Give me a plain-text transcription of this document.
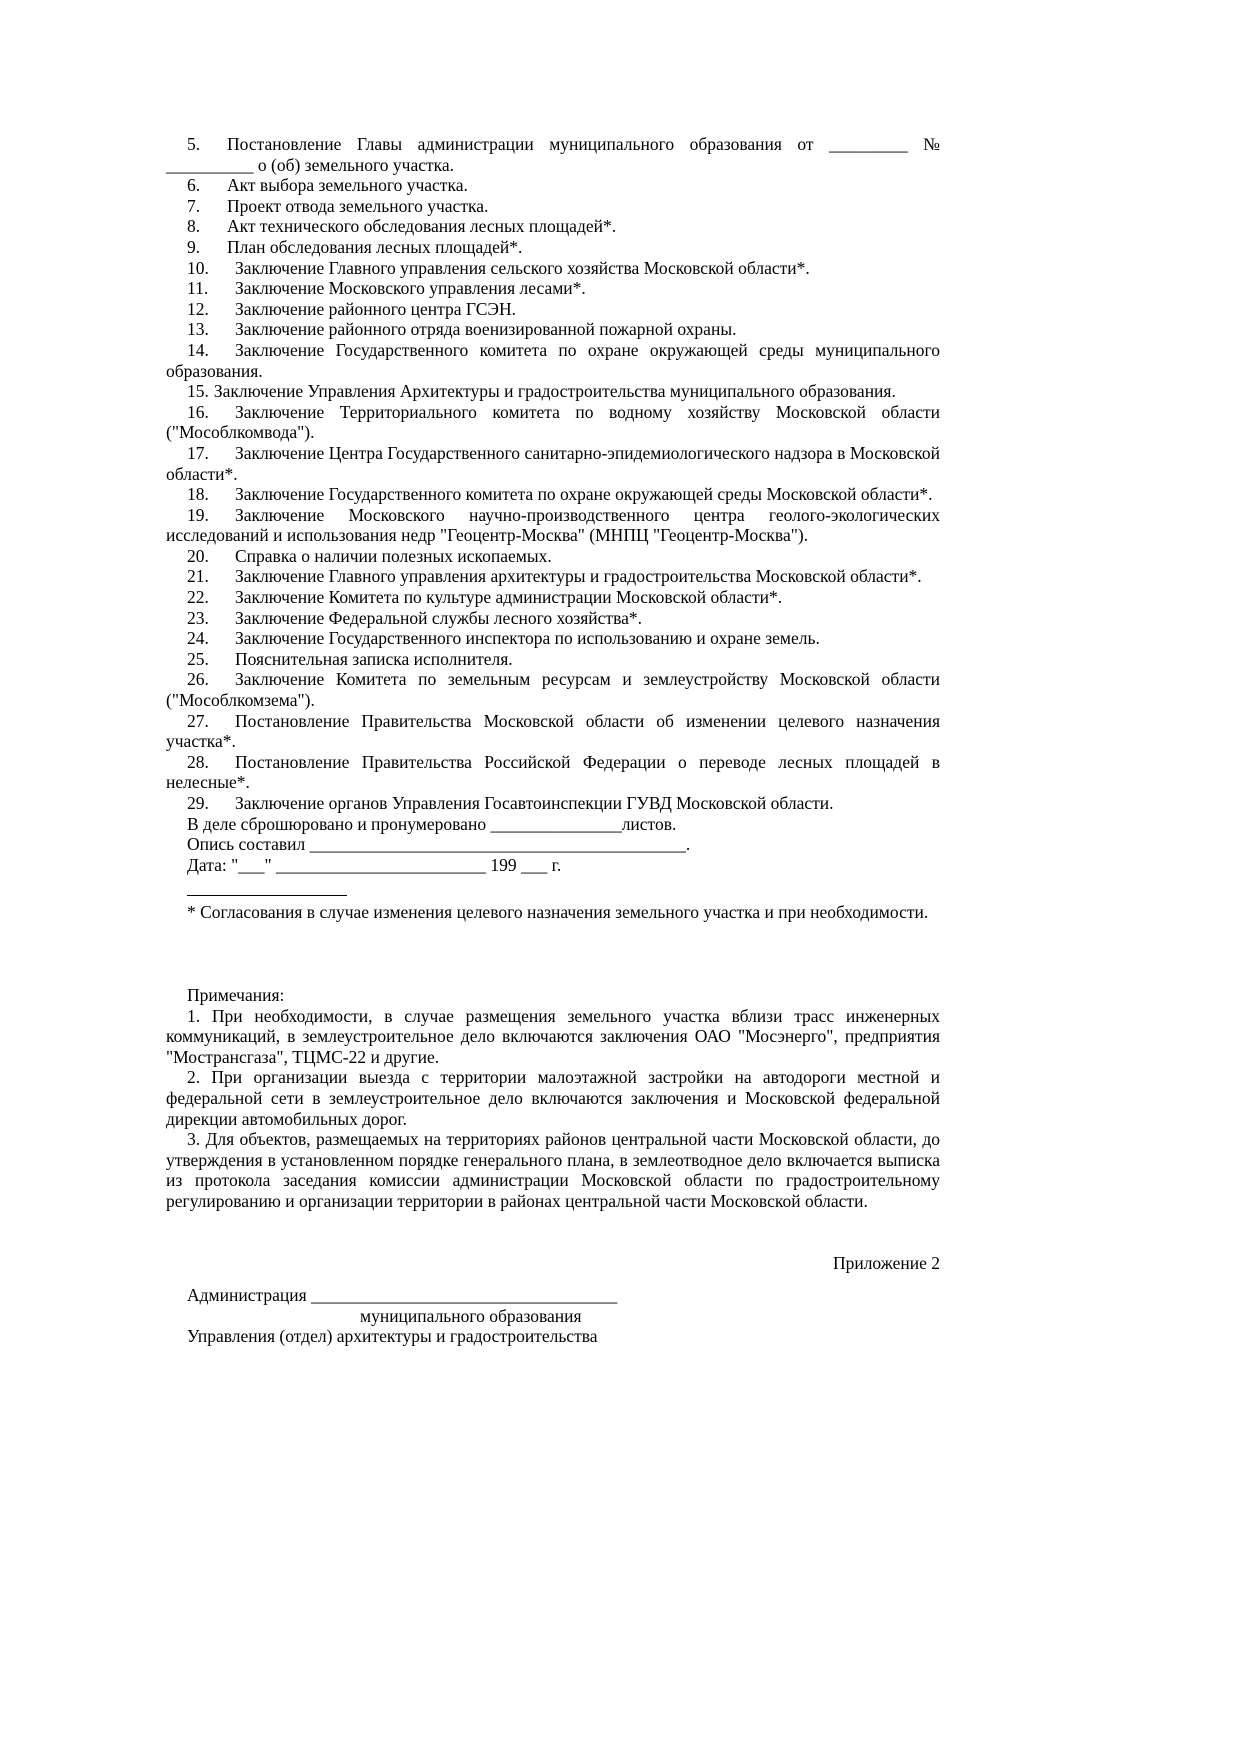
5. Постановление Главы администрации муниципального образования от _________ № __________ о (об) земельного участка.

6. Акт выбора земельного участка.

7. Проект отвода земельного участка.

8. Акт технического обследования лесных площадей*.

9. План обследования лесных площадей*.

10. Заключение Главного управления сельского хозяйства Московской области*.

11. Заключение Московского управления лесами*.

12. Заключение районного центра ГСЭН.

13. Заключение районного отряда военизированной пожарной охраны.

14. Заключение Государственного комитета по охране окружающей среды муниципального образования.

15. Заключение Управления Архитектуры и градостроительства муниципального образования.

16. Заключение Территориального комитета по водному хозяйству Московской области ("Мособлкомвода").

17. Заключение Центра Государственного санитарно-эпидемиологического надзора в Московской области*.

18. Заключение Государственного комитета по охране окружающей среды Московской области*.

19. Заключение Московского научно-производственного центра геолого-экологических исследований и использования недр "Геоцентр-Москва" (МНПЦ "Геоцентр-Москва").

20. Справка о наличии полезных ископаемых.

21. Заключение Главного управления архитектуры и градостроительства Московской области*.

22. Заключение Комитета по культуре администрации Московской области*.

23. Заключение Федеральной службы лесного хозяйства*.

24. Заключение Государственного инспектора по использованию и охране земель.

25. Пояснительная записка исполнителя.

26. Заключение Комитета по земельным ресурсам и землеустройству Московской области ("Мособлкомзема").

27. Постановление Правительства Московской области об изменении целевого назначения участка*.

28. Постановление Правительства Российской Федерации о переводе лесных площадей в нелесные*.

29. Заключение органов Управления Госавтоинспекции ГУВД Московской области.

В деле сброшюровано и пронумеровано _______________листов.

Опись составил ___________________________________________.

Дата: "___" ________________________ 199 ___ г.

* Согласования в случае изменения целевого назначения земельного участка и при необходимости.

Примечания:

1. При необходимости, в случае размещения земельного участка вблизи трасс инженерных коммуникаций, в землеустроительное дело включаются заключения ОАО "Мосэнерго", предприятия "Мострансгаза", ТЦМС-22 и другие.

2. При организации выезда с территории малоэтажной застройки на автодороги местной и федеральной сети в землеустроительное дело включаются заключения и Московской федеральной дирекции автомобильных дорог.

3. Для объектов, размещаемых на территориях районов центральной части Московской области, до утверждения в установленном порядке генерального плана, в землеотводное дело включается выписка из протокола заседания комиссии администрации Московской области по градостроительному регулированию и организации территории в районах центральной части Московской области.

Приложение 2

Администрация ___________________________________

муниципального образования

Управления (отдел) архитектуры и градостроительства
